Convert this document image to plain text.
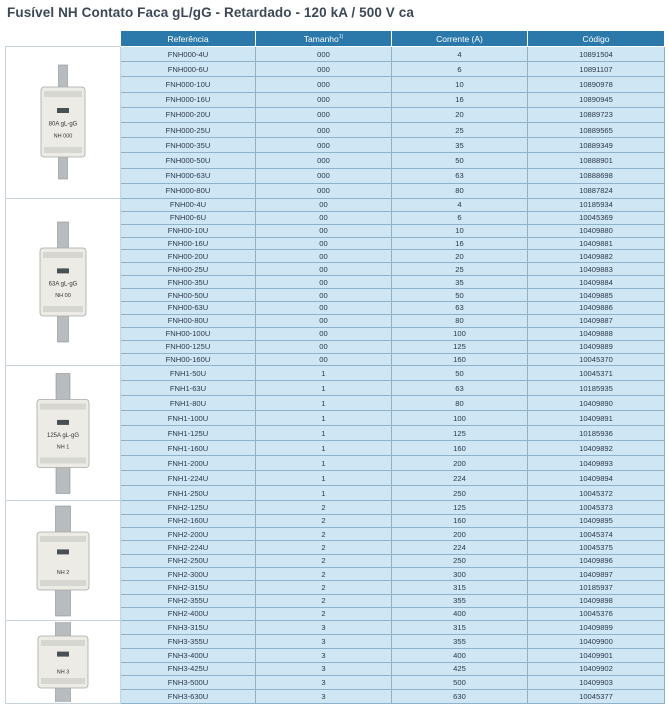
Fusível NH Contato Faca gL/gG - Retardado - 120 kA / 500 V ca
	Referência	Tamanho$^{1)}$	Corrente (A)	Código

80A gL-gG
NH 000	FNH000-4U	000	4	10891504
	FNH000-6U	000	6	10891107
	FNH000-10U	000	10	10890978
	FNH000-16U	000	16	10890945
	FNH000-20U	000	20	10889723
	FNH000-25U	000	25	10889565
	FNH000-35U	000	35	10889349
	FNH000-50U	000	50	10888901
	FNH000-63U	000	63	10888698
	FNH000-80U	000	80	10887824

63A gL-gG
NH 00	FNH00-4U	00	4	10185934
	FNH00-6U	00	6	10045369
	FNH00-10U	00	10	10409880
	FNH00-16U	00	16	10409881
	FNH00-20U	00	20	10409882
	FNH00-25U	00	25	10409883
	FNH00-35U	00	35	10409884
	FNH00-50U	00	50	10409885
	FNH00-63U	00	63	10409886
	FNH00-80U	00	80	10409887
	FNH00-100U	00	100	10409888
	FNH00-125U	00	125	10409889
	FNH00-160U	00	160	10045370

125A gL-gG
NH 1	FNH1-50U	1	50	10045371
	FNH1-63U	1	63	10185935
	FNH1-80U	1	80	10409890
	FNH1-100U	1	100	10409891
	FNH1-125U	1	125	10185936
	FNH1-160U	1	160	10409892
	FNH1-200U	1	200	10409893
	FNH1-224U	1	224	10409894
	FNH1-250U	1	250	10045372

NH 2	FNH2-125U	2	125	10045373
	FNH2-160U	2	160	10409895
	FNH2-200U	2	200	10045374
	FNH2-224U	2	224	10045375
	FNH2-250U	2	250	10409896
	FNH2-300U	2	300	10409897
	FNH2-315U	2	315	10185937
	FNH2-355U	2	355	10409898
	FNH2-400U	2	400	10045376

NH 3	FNH3-315U	3	315	10409899
	FNH3-355U	3	355	10409900
	FNH3-400U	3	400	10409901
	FNH3-425U	3	425	10409902
	FNH3-500U	3	500	10409903
	FNH3-630U	3	630	10045377
